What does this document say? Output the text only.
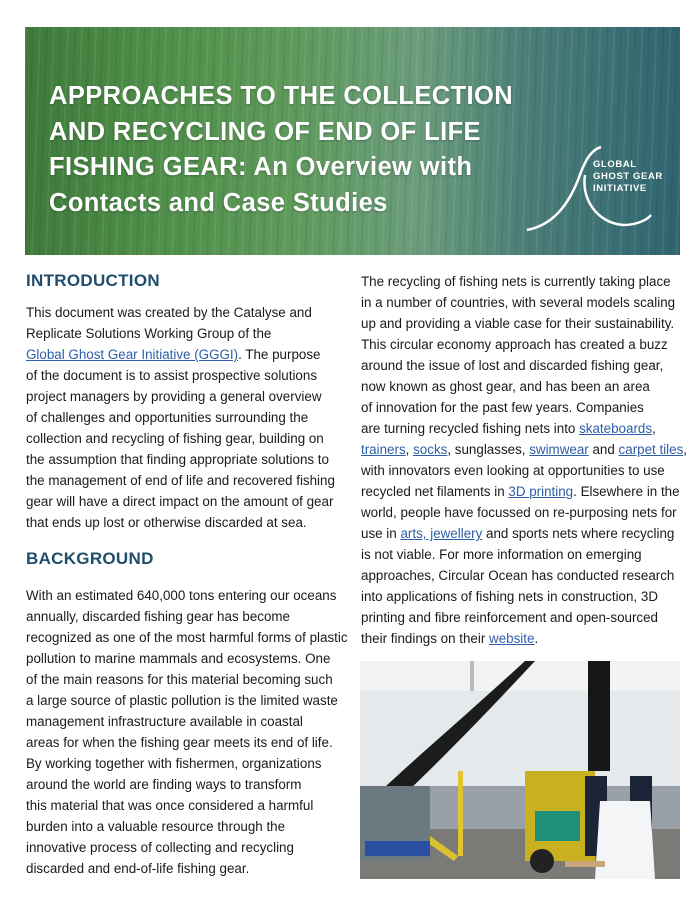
APPROACHES TO THE COLLECTION
AND RECYCLING OF END OF LIFE
FISHING GEAR: An Overview with
Contacts and Case Studies
GLOBAL
GHOST GEAR
INITIATIVE
INTRODUCTION
This document was created by the Catalyse and
Replicate Solutions Working Group of the
Global Ghost Gear Initiative (GGGI). The purpose
of the document is to assist prospective solutions
project managers by providing a general overview
of challenges and opportunities surrounding the
collection and recycling of fishing gear, building on
the assumption that finding appropriate solutions to
the management of end of life and recovered fishing
gear will have a direct impact on the amount of gear
that ends up lost or otherwise discarded at sea.
BACKGROUND
With an estimated 640,000 tons entering our oceans
annually, discarded fishing gear has become
recognized as one of the most harmful forms of plastic
pollution to marine mammals and ecosystems. One
of the main reasons for this material becoming such
a large source of plastic pollution is the limited waste
management infrastructure available in coastal
areas for when the fishing gear meets its end of life.
By working together with fishermen, organizations
around the world are finding ways to transform
this material that was once considered a harmful
burden into a valuable resource through the
innovative process of collecting and recycling
discarded and end-of-life fishing gear.
The recycling of fishing nets is currently taking place
in a number of countries, with several models scaling
up and providing a viable case for their sustainability.
This circular economy approach has created a buzz
around the issue of lost and discarded fishing gear,
now known as ghost gear, and has been an area
of innovation for the past few years. Companies
are turning recycled fishing nets into skateboards,
trainers, socks, sunglasses, swimwear and carpet tiles,
with innovators even looking at opportunities to use
recycled net filaments in 3D printing. Elsewhere in the
world, people have focussed on re-purposing nets for
use in arts, jewellery and sports nets where recycling
is not viable. For more information on emerging
approaches, Circular Ocean has conducted research
into applications of fishing nets in construction, 3D
printing and fibre reinforcement and open-sourced
their findings on their website.
